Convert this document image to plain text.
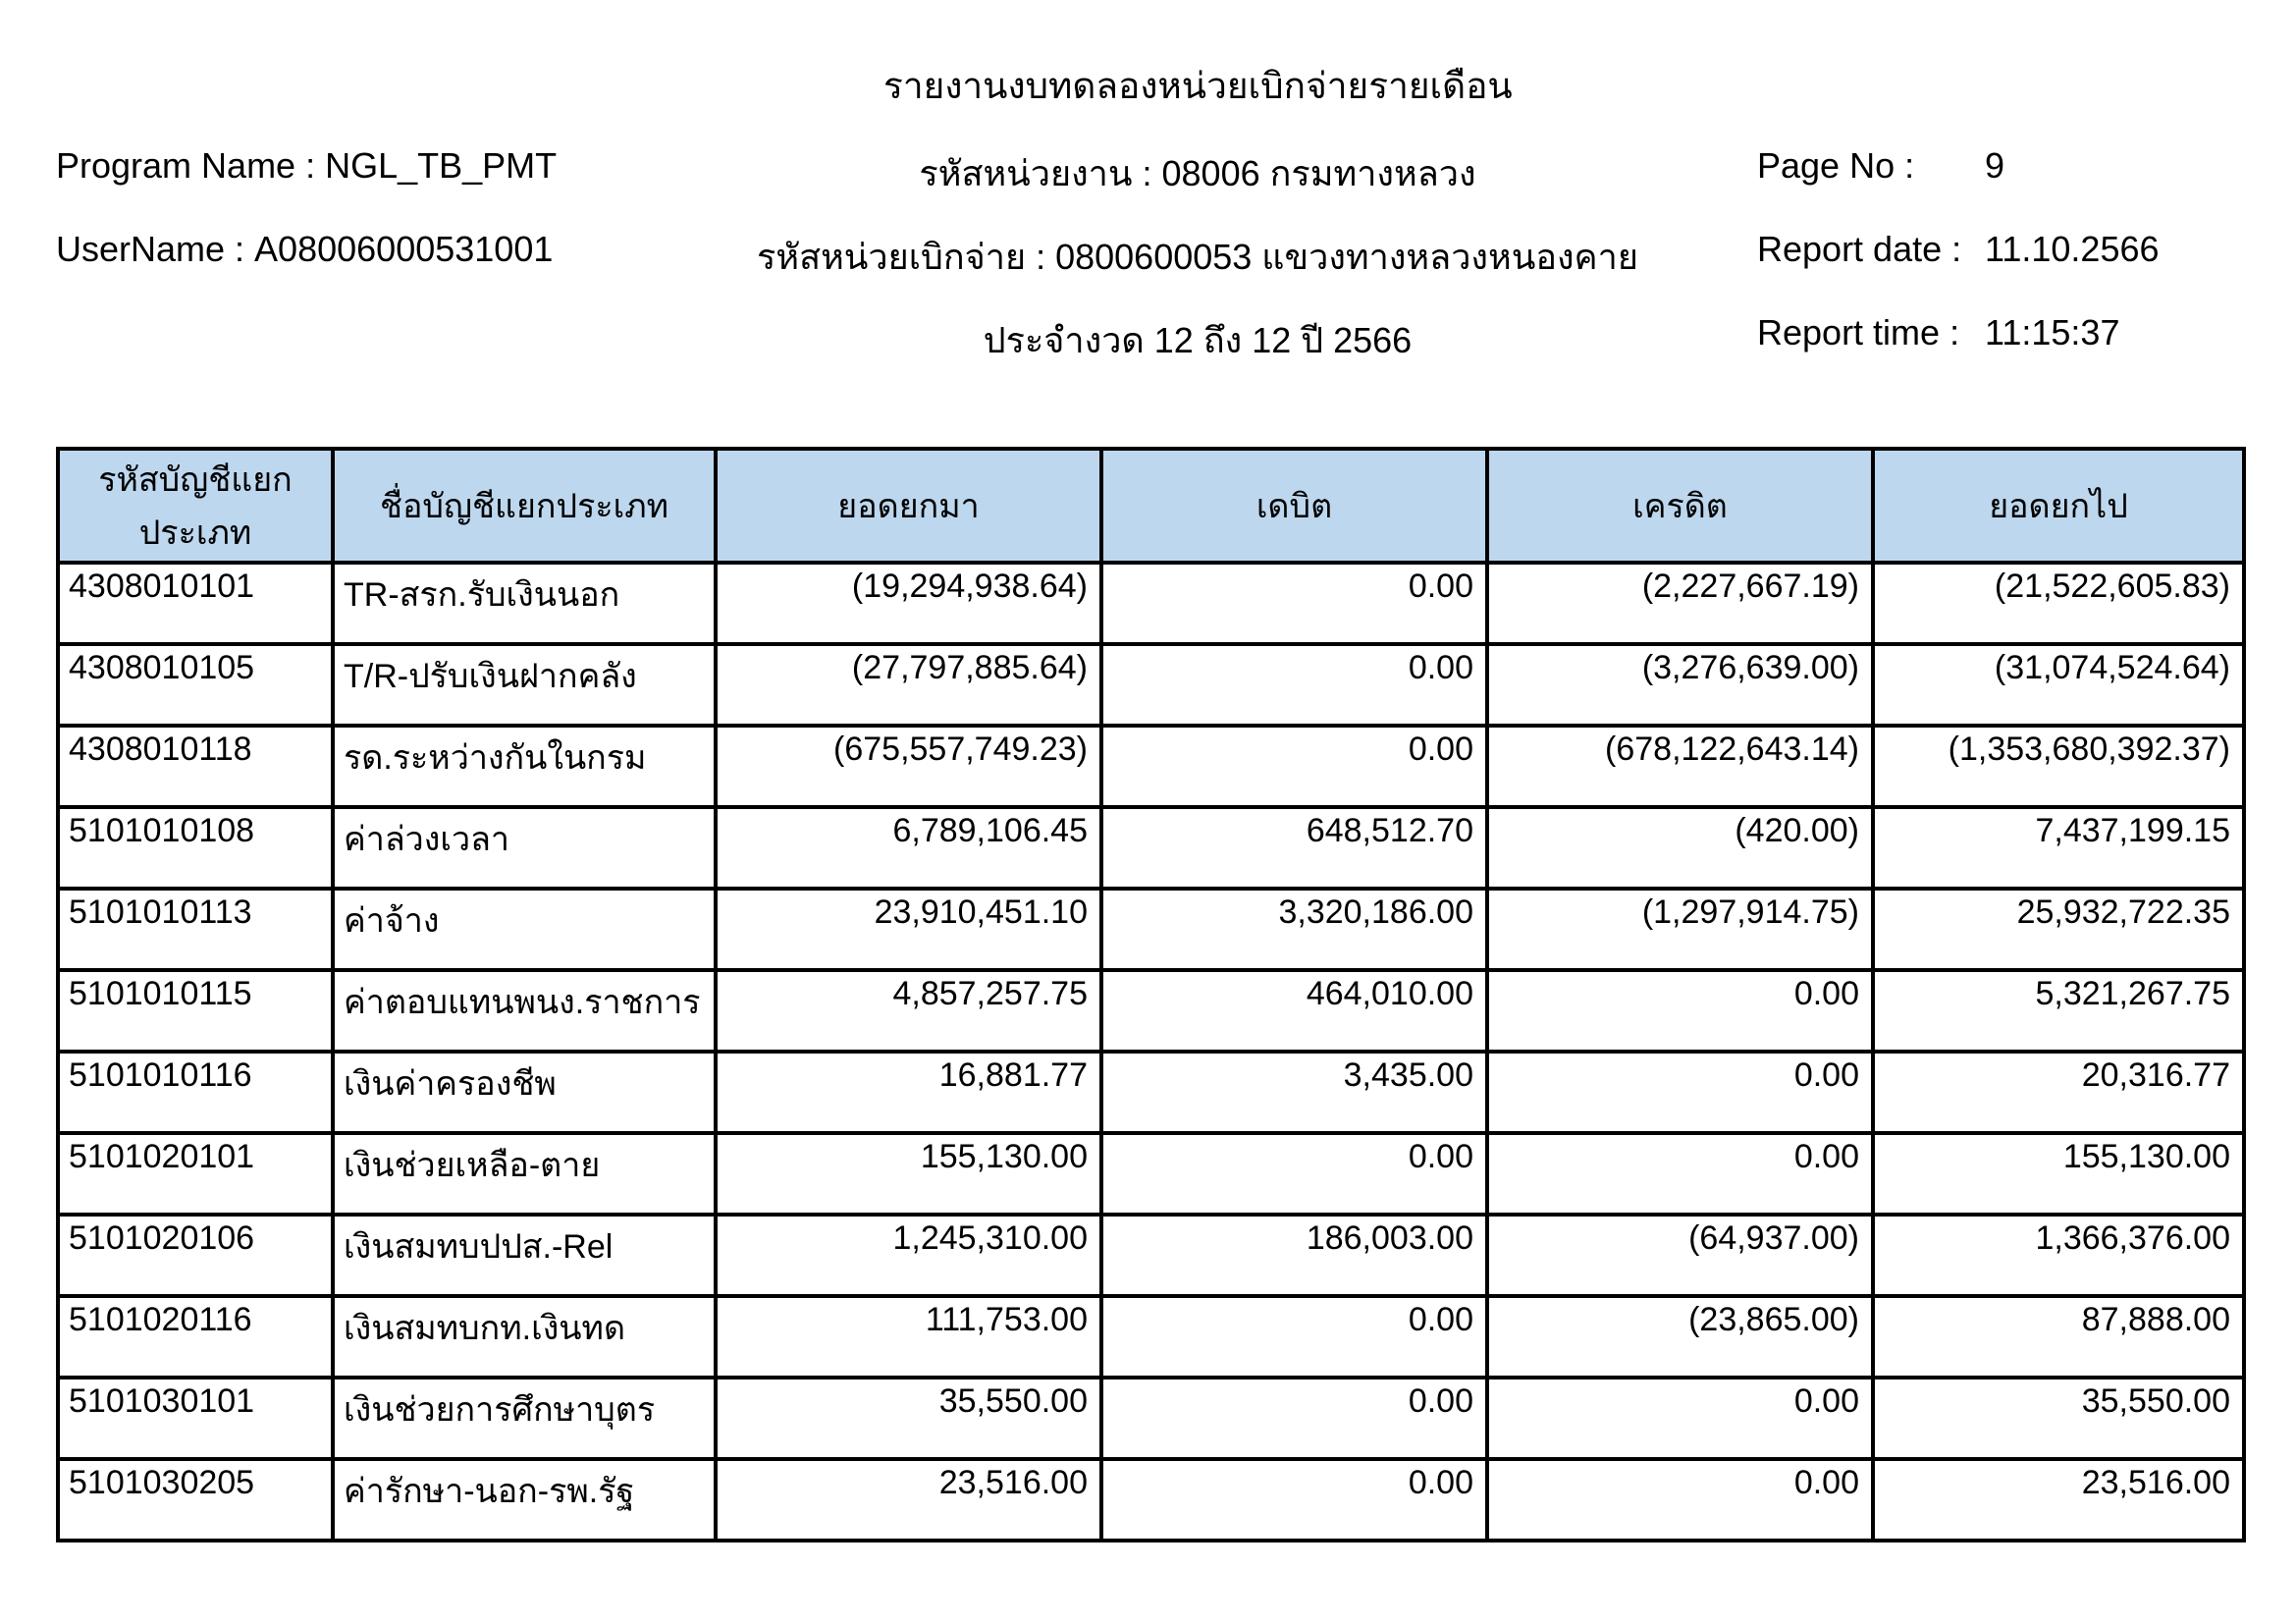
รายงานงบทดลองหน่วยเบิกจ่ายรายเดือน
Program Name : NGL_TB_PMT
UserName : A08006000531001
รหัสหน่วยงาน : 08006 กรมทางหลวง
รหัสหน่วยเบิกจ่าย : 0800600053 แขวงทางหลวงหนองคาย
ประจำงวด 12 ถึง 12 ปี 2566
Page No : 9
Report date : 11.10.2566
Report time : 11:15:37
รหัสบัญชีแยกประเภท	ชื่อบัญชีแยกประเภท	ยอดยกมา	เดบิต	เครดิต	ยอดยกไป
4308010101	TR-สรก.รับเงินนอก	(19,294,938.64)	0.00	(2,227,667.19)	(21,522,605.83)
4308010105	T/R-ปรับเงินฝากคลัง	(27,797,885.64)	0.00	(3,276,639.00)	(31,074,524.64)
4308010118	รด.ระหว่างกันในกรม	(675,557,749.23)	0.00	(678,122,643.14)	(1,353,680,392.37)
5101010108	ค่าล่วงเวลา	6,789,106.45	648,512.70	(420.00)	7,437,199.15
5101010113	ค่าจ้าง	23,910,451.10	3,320,186.00	(1,297,914.75)	25,932,722.35
5101010115	ค่าตอบแทนพนง.ราชการ	4,857,257.75	464,010.00	0.00	5,321,267.75
5101010116	เงินค่าครองชีพ	16,881.77	3,435.00	0.00	20,316.77
5101020101	เงินช่วยเหลือ-ตาย	155,130.00	0.00	0.00	155,130.00
5101020106	เงินสมทบปปส.-Rel	1,245,310.00	186,003.00	(64,937.00)	1,366,376.00
5101020116	เงินสมทบกท.เงินทด	111,753.00	0.00	(23,865.00)	87,888.00
5101030101	เงินช่วยการศึกษาบุตร	35,550.00	0.00	0.00	35,550.00
5101030205	ค่ารักษา-นอก-รพ.รัฐ	23,516.00	0.00	0.00	23,516.00
